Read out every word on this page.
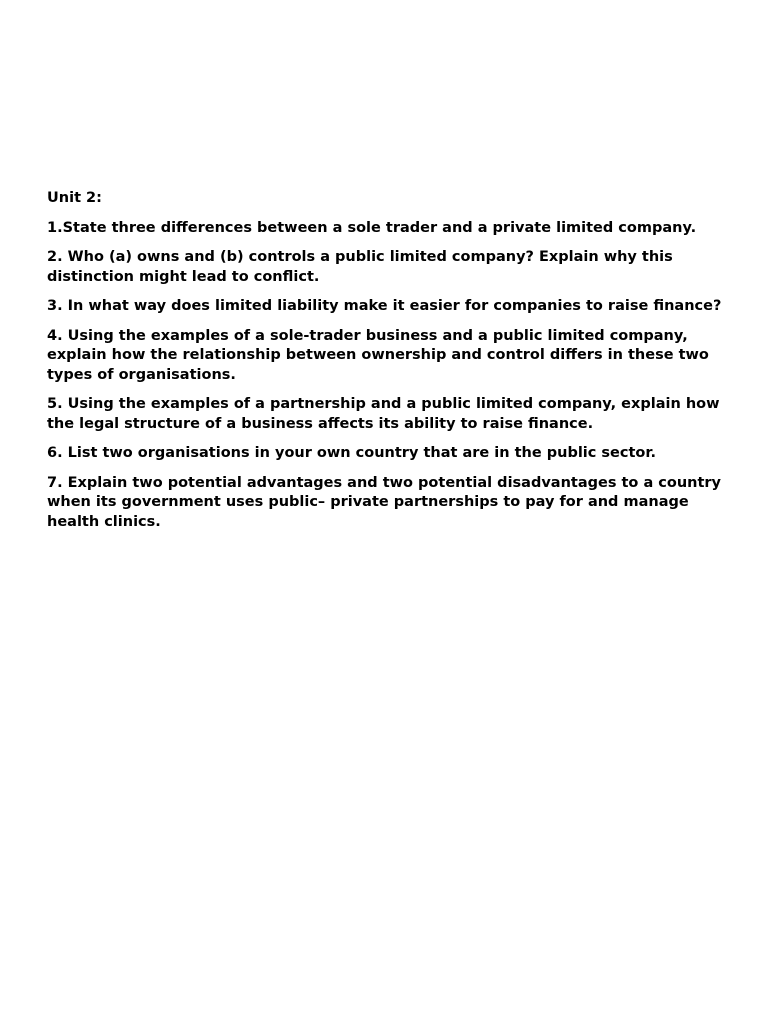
Unit 2:

1.State three differences between a sole trader and a private limited company.

2. Who (a) owns and (b) controls a public limited company? Explain why this distinction might lead to conflict.

3. In what way does limited liability make it easier for companies to raise finance?

4. Using the examples of a sole-trader business and a public limited company, explain how the relationship between ownership and control differs in these two types of organisations.

5. Using the examples of a partnership and a public limited company, explain how the legal structure of a business affects its ability to raise finance.

6. List two organisations in your own country that are in the public sector.

7. Explain two potential advantages and two potential disadvantages to a country when its government uses public– private partnerships to pay for and manage health clinics.
